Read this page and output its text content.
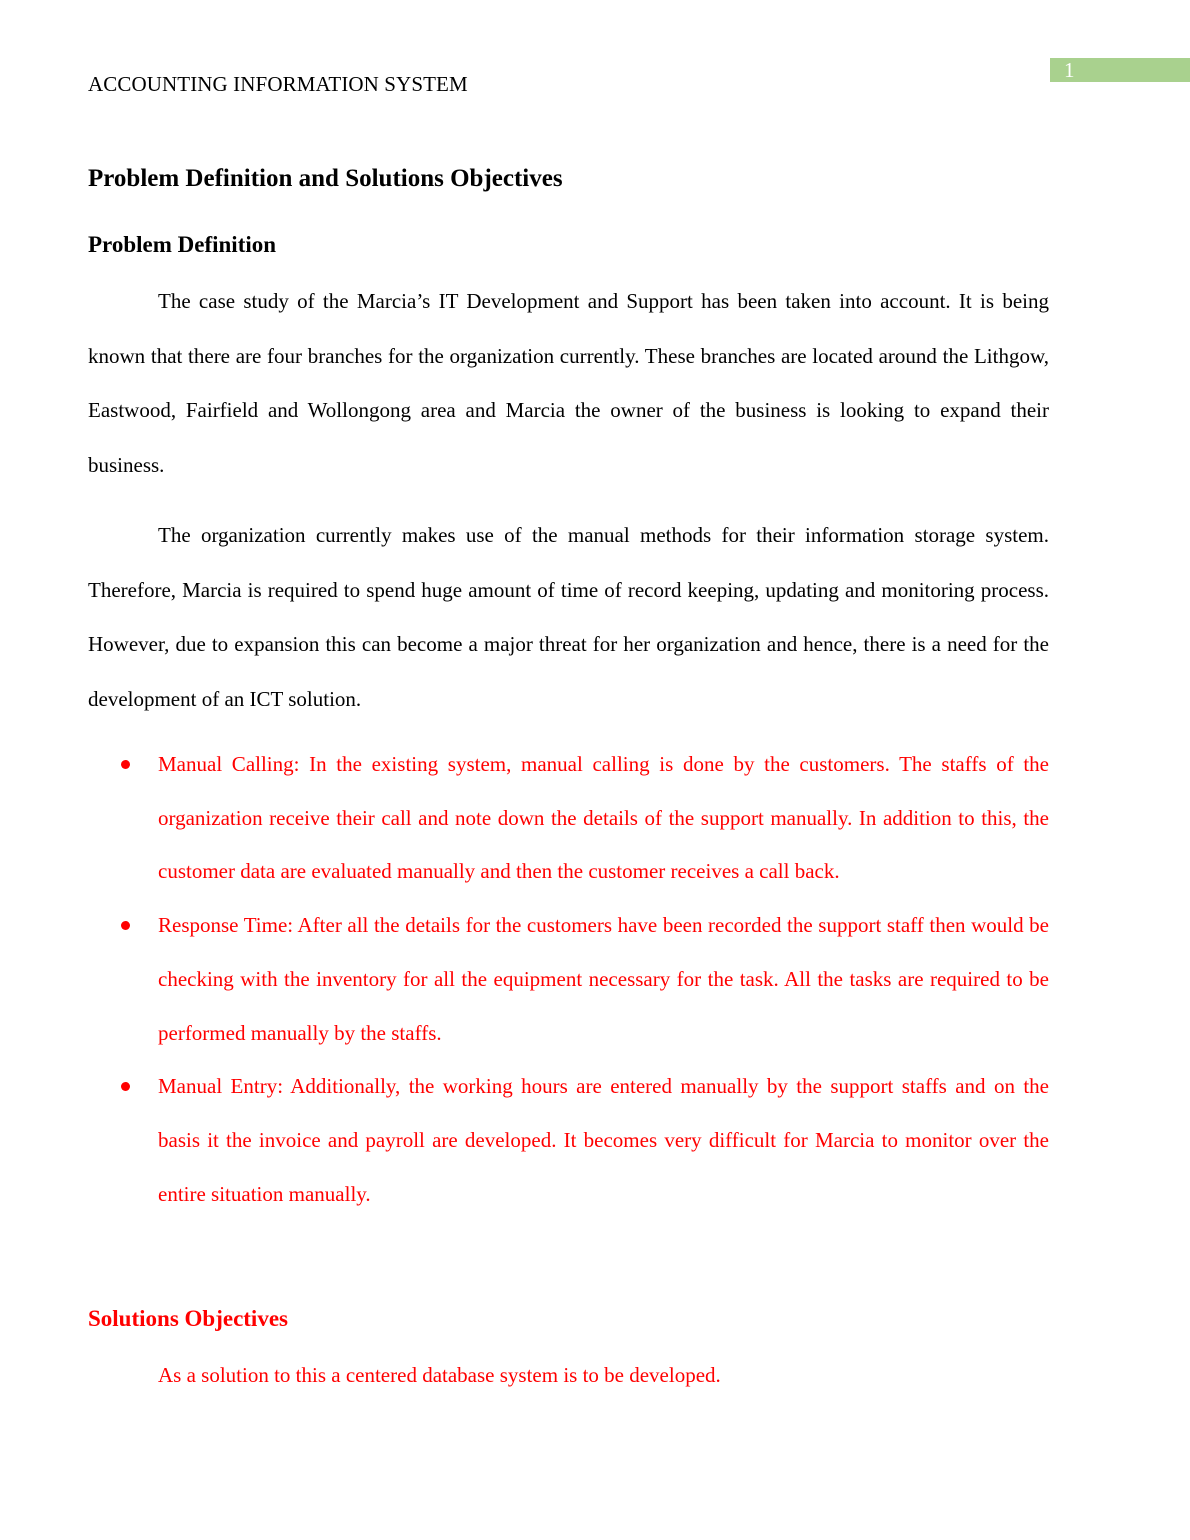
1
ACCOUNTING INFORMATION SYSTEM
Problem Definition and Solutions Objectives
Problem Definition

The case study of the Marcia’s IT Development and Support has been taken into account. It is being known that there are four branches for the organization currently. These branches are located around the Lithgow, Eastwood, Fairfield and Wollongong area and Marcia the owner of the business is looking to expand their business.

The organization currently makes use of the manual methods for their information storage system. Therefore, Marcia is required to spend huge amount of time of record keeping, updating and monitoring process. However, due to expansion this can become a major threat for her organization and hence, there is a need for the development of an ICT solution.

Manual Calling: In the existing system, manual calling is done by the customers. The staffs of the organization receive their call and note down the details of the support manually. In addition to this, the customer data are evaluated manually and then the customer receives a call back.
Response Time: After all the details for the customers have been recorded the support staff then would be checking with the inventory for all the equipment necessary for the task. All the tasks are required to be performed manually by the staffs.
Manual Entry: Additionally, the working hours are entered manually by the support staffs and on the basis it the invoice and payroll are developed. It becomes very difficult for Marcia to monitor over the entire situation manually.
Solutions Objectives

As a solution to this a centered database system is to be developed.
